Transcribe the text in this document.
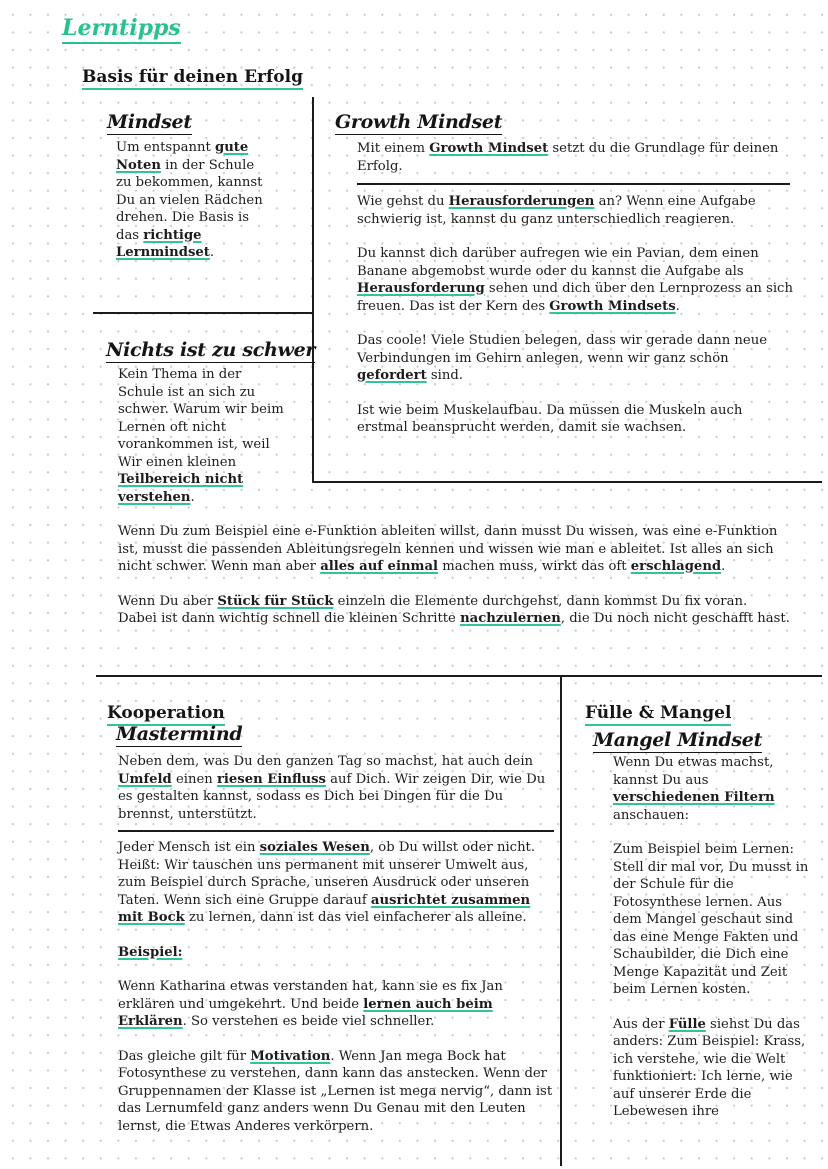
Lerntipps
Basis für deinen Erfolg
Mindset
Um entspannt gute Noten in der Schule zu bekommen, kannst Du an vielen Rädchen drehen. Die Basis is das richtige Lernmindset.
Growth Mindset
Mit einem Growth Mindset setzt du die Grundlage für deinen Erfolg.

Wie gehst du Herausforderungen an? Wenn eine Aufgabe schwierig ist, kannst du ganz unterschiedlich reagieren.

Du kannst dich darüber aufregen wie ein Pavian, dem einen Banane abgemobst wurde oder du kannst die Aufgabe als Herausforderung sehen und dich über den Lernprozess an sich freuen. Das ist der Kern des Growth Mindsets.

Das coole! Viele Studien belegen, dass wir gerade dann neue Verbindungen im Gehirn anlegen, wenn wir ganz schön gefordert sind.

Ist wie beim Muskelaufbau. Da müssen die Muskeln auch erstmal beansprucht werden, damit sie wachsen.

Nichts ist zu schwer
Kein Thema in der Schule ist an sich zu schwer. Warum wir beim Lernen oft nicht vorankommen ist, weil Wir einen kleinen Teilbereich nicht verstehen.

Wenn Du zum Beispiel eine e-Funktion ableiten willst, dann musst Du wissen, was eine e-Funktion ist, musst die passenden Ableitungsregeln kennen und wissen wie man e ableitet. Ist alles an sich nicht schwer. Wenn man aber alles auf einmal machen muss, wirkt das oft erschlagend.

Wenn Du aber Stück für Stück einzeln die Elemente durchgehst, dann kommst Du fix voran. Dabei ist dann wichtig schnell die kleinen Schritte nachzulernen, die Du noch nicht geschafft hast.

Kooperation
Mastermind
Neben dem, was Du den ganzen Tag so machst, hat auch dein Umfeld einen riesen Einfluss auf Dich. Wir zeigen Dir, wie Du es gestalten kannst, sodass es Dich bei Dingen für die Du brennst, unterstützt.

Jeder Mensch ist ein soziales Wesen, ob Du willst oder nicht. Heißt: Wir tauschen uns permanent mit unserer Umwelt aus, zum Beispiel durch Sprache, unseren Ausdruck oder unseren Taten. Wenn sich eine Gruppe darauf ausrichtet zusammen mit Bock zu lernen, dann ist das viel einfacherer als alleine.

Beispiel:

Wenn Katharina etwas verstanden hat, kann sie es fix Jan erklären und umgekehrt. Und beide lernen auch beim Erklären. So verstehen es beide viel schneller.

Das gleiche gilt für Motivation. Wenn Jan mega Bock hat Fotosynthese zu verstehen, dann kann das anstecken. Wenn der Gruppennamen der Klasse ist „Lernen ist mega nervig“, dann ist das Lernumfeld ganz anders wenn Du Genau mit den Leuten lernst, die Etwas Anderes verkörpern.

Fülle & Mangel
Mangel Mindset

Wenn Du etwas machst, kannst Du aus verschiedenen Filtern anschauen:

Zum Beispiel beim Lernen: Stell dir mal vor, Du musst in der Schule für die Fotosynthese lernen. Aus dem Mangel geschaut sind das eine Menge Fakten und Schaubilder, die Dich eine Menge Kapazität und Zeit beim Lernen kosten.

Aus der Fülle siehst Du das anders: Zum Beispiel: Krass, ich verstehe, wie die Welt funktioniert: Ich lerne, wie auf unserer Erde die Lebewesen ihre
